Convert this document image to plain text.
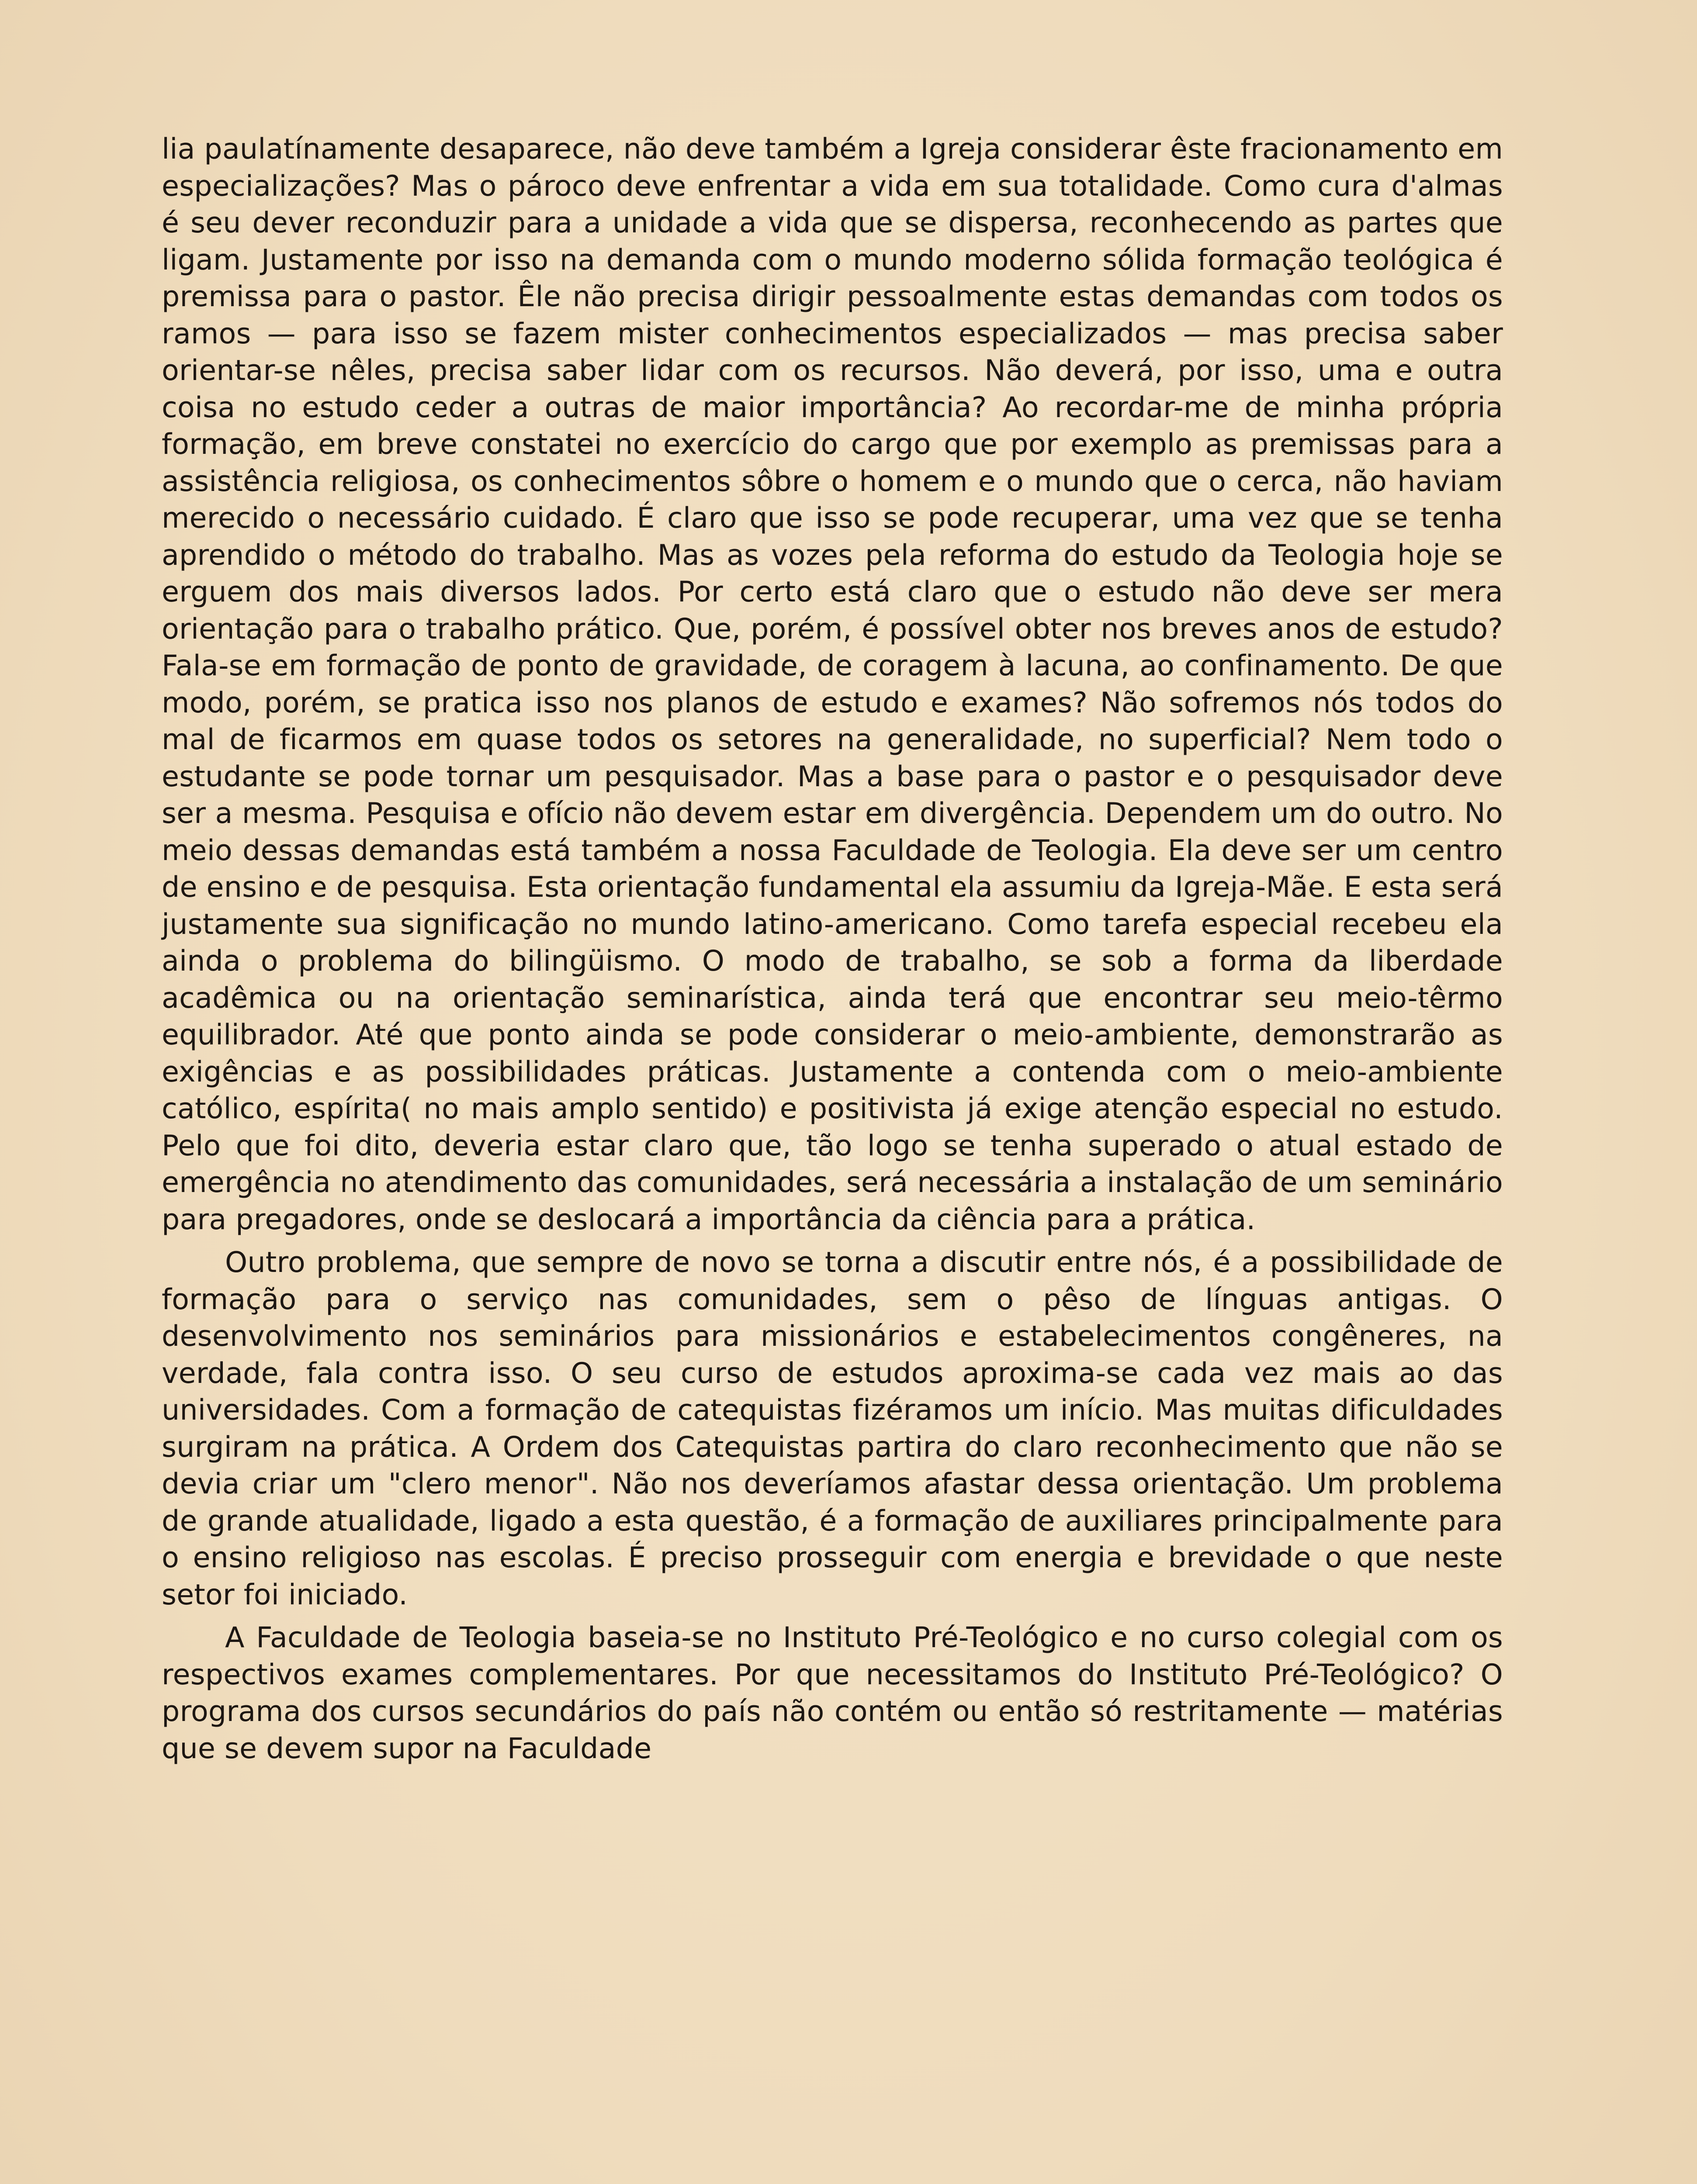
lia paulatínamente desaparece, não deve também a Igreja considerar êste fracionamento em especializações? Mas o pároco deve enfrentar a vida em sua totalidade. Como cura d'almas é seu dever reconduzir para a unidade a vida que se dispersa, reconhecendo as partes que ligam. Justamente por isso na demanda com o mundo moderno sólida formação teológica é premissa para o pastor. Êle não precisa dirigir pessoalmente estas demandas com todos os ramos — para isso se fazem mister conhecimentos especializados — mas precisa saber orientar-se nêles, precisa saber lidar com os recursos. Não deverá, por isso, uma e outra coisa no estudo ceder a outras de maior importância? Ao recordar-me de minha própria formação, em breve constatei no exercício do cargo que por exemplo as premissas para a assistência religiosa, os conhecimentos sôbre o homem e o mundo que o cerca, não haviam merecido o necessário cuidado. É claro que isso se pode recuperar, uma vez que se tenha aprendido o método do trabalho. Mas as vozes pela reforma do estudo da Teologia hoje se erguem dos mais diversos lados. Por certo está claro que o estudo não deve ser mera orientação para o trabalho prático. Que, porém, é possível obter nos breves anos de estudo? Fala-se em formação de ponto de gravidade, de coragem à lacuna, ao confinamento. De que modo, porém, se pratica isso nos planos de estudo e exames? Não sofremos nós todos do mal de ficarmos em quase todos os setores na generalidade, no superficial? Nem todo o estudante se pode tornar um pesquisador. Mas a base para o pastor e o pesquisador deve ser a mesma. Pesquisa e ofício não devem estar em divergência. Dependem um do outro. No meio dessas demandas está também a nossa Faculdade de Teologia. Ela deve ser um centro de ensino e de pesquisa. Esta orientação fundamental ela assumiu da Igreja-Mãe. E esta será justamente sua significação no mundo latino-americano. Como tarefa especial recebeu ela ainda o problema do bilingüismo. O modo de trabalho, se sob a forma da liberdade acadêmica ou na orientação seminarística, ainda terá que encontrar seu meio-têrmo equilibrador. Até que ponto ainda se pode considerar o meio-ambiente, demonstrarão as exigências e as possibilidades práticas. Justamente a contenda com o meio-ambiente católico, espírita( no mais amplo sentido) e positivista já exige atenção especial no estudo. Pelo que foi dito, deveria estar claro que, tão logo se tenha superado o atual estado de emergência no atendimento das comunidades, será necessária a instalação de um seminário para pregadores, onde se deslocará a importância da ciência para a prática.

Outro problema, que sempre de novo se torna a discutir entre nós, é a possibilidade de formação para o serviço nas comunidades, sem o pêso de línguas antigas. O desenvolvimento nos seminários para missionários e estabelecimentos congêneres, na verdade, fala contra isso. O seu curso de estudos aproxima-se cada vez mais ao das universidades. Com a formação de catequistas fizéramos um início. Mas muitas dificuldades surgiram na prática. A Ordem dos Catequistas partira do claro reconhecimento que não se devia criar um "clero menor". Não nos deveríamos afastar dessa orientação. Um problema de grande atualidade, ligado a esta questão, é a formação de auxiliares principalmente para o ensino religioso nas escolas. É preciso prosseguir com energia e brevidade o que neste setor foi iniciado.

A Faculdade de Teologia baseia-se no Instituto Pré-Teológico e no curso colegial com os respectivos exames complementares. Por que necessitamos do Instituto Pré-Teológico? O programa dos cursos secundários do país não contém ou então só restritamente — matérias que se devem supor na Faculdade
